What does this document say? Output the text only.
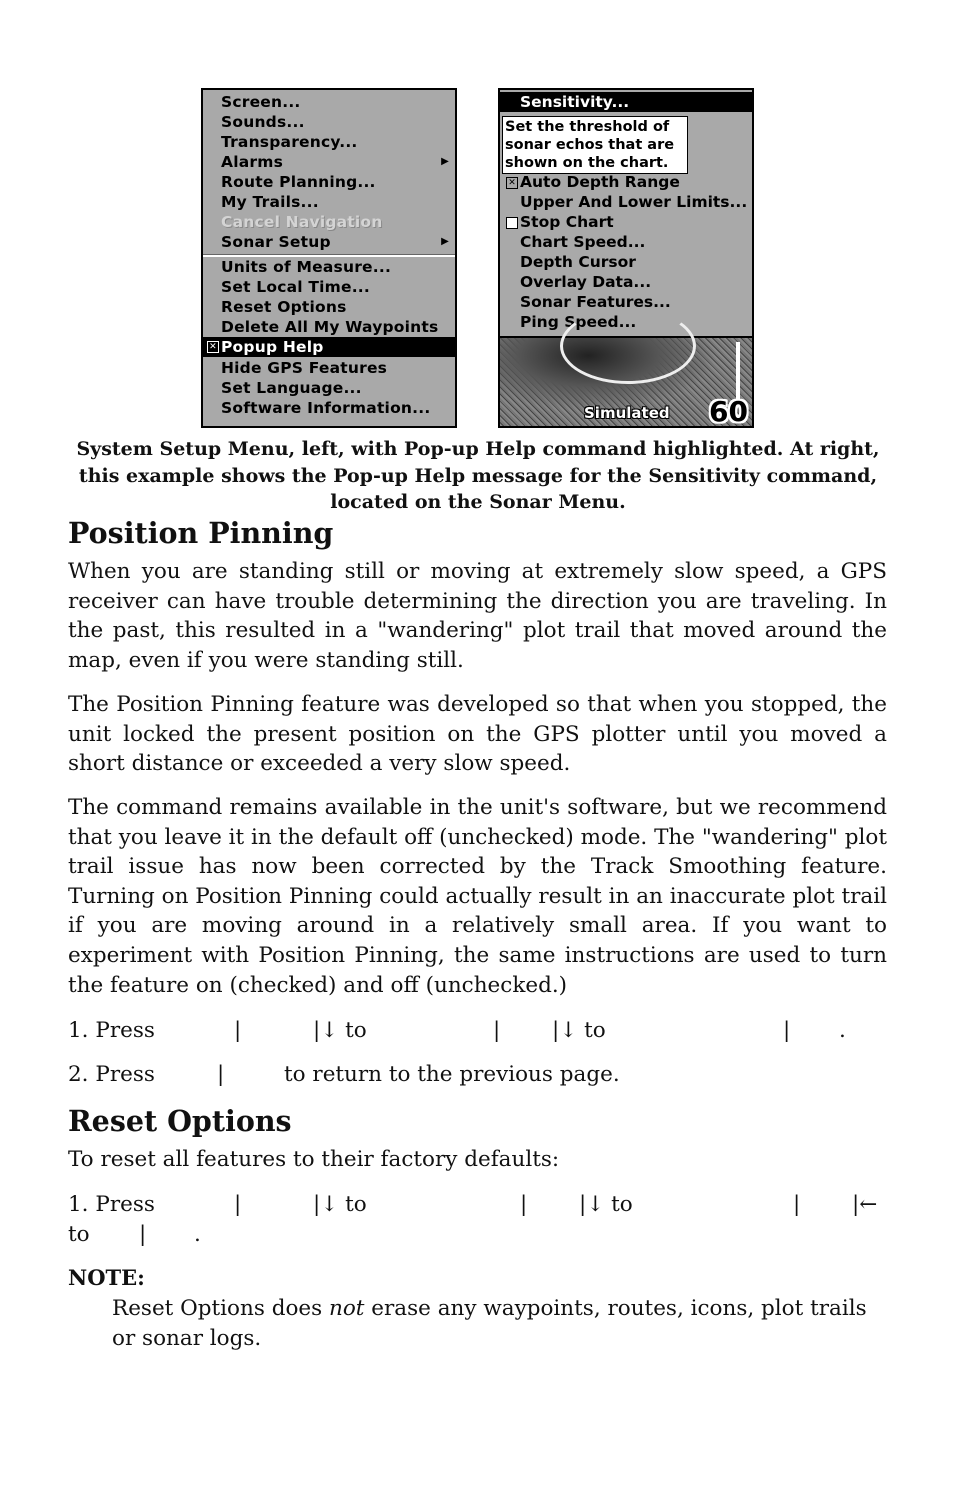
Screen...
Sounds...
Transparency...
Alarms	▶
Route Planning...
My Trails...
Cancel Navigation
Sonar Setup	▶
Units of Measure...
Set Local Time...
Reset Options
Delete All My Waypoints
✕ Popup Help
Hide GPS Features
Set Language...
Software Information...
Sensitivity...
Set the threshold of
sonar echos that are
shown on the chart.
✕ Auto Depth Range
Upper And Lower Limits...
Stop Chart
Chart Speed...
Depth Cursor
Overlay Data...
Sonar Features...
Ping Speed...
Simulated 60
System Setup Menu, left, with Pop-up Help command highlighted. At right, this example shows the Pop-up Help message for the Sensitivity command, located on the Sonar Menu.
Position Pinning

When you are standing still or moving at extremely slow speed, a GPS receiver can have trouble determining the direction you are traveling. In the past, this resulted in a "wandering" plot trail that moved around the map, even if you were standing still.

The Position Pinning feature was developed so that when you stopped, the unit locked the present position on the GPS plotter until you moved a short distance or exceeded a very slow speed.

The command remains available in the unit's software, but we recommend that you leave it in the default off (unchecked) mode. The "wandering" plot trail issue has now been corrected by the Track Smoothing feature. Turning on Position Pinning could actually result in an inaccurate plot trail if you are moving around in a relatively small area. If you want to experiment with Position Pinning, the same instructions are used to turn the feature on (checked) and off (unchecked.)

1. Press	|	|↓ to	| |↓ to	| .
2. Press	|	to return to the previous page.
Reset Options

To reset all features to their factory defaults:

1. Press	|	|↓ to	| |↓ to	| |←
to | .
NOTE:

Reset Options does not erase any waypoints, routes, icons, plot trails or sonar logs.
